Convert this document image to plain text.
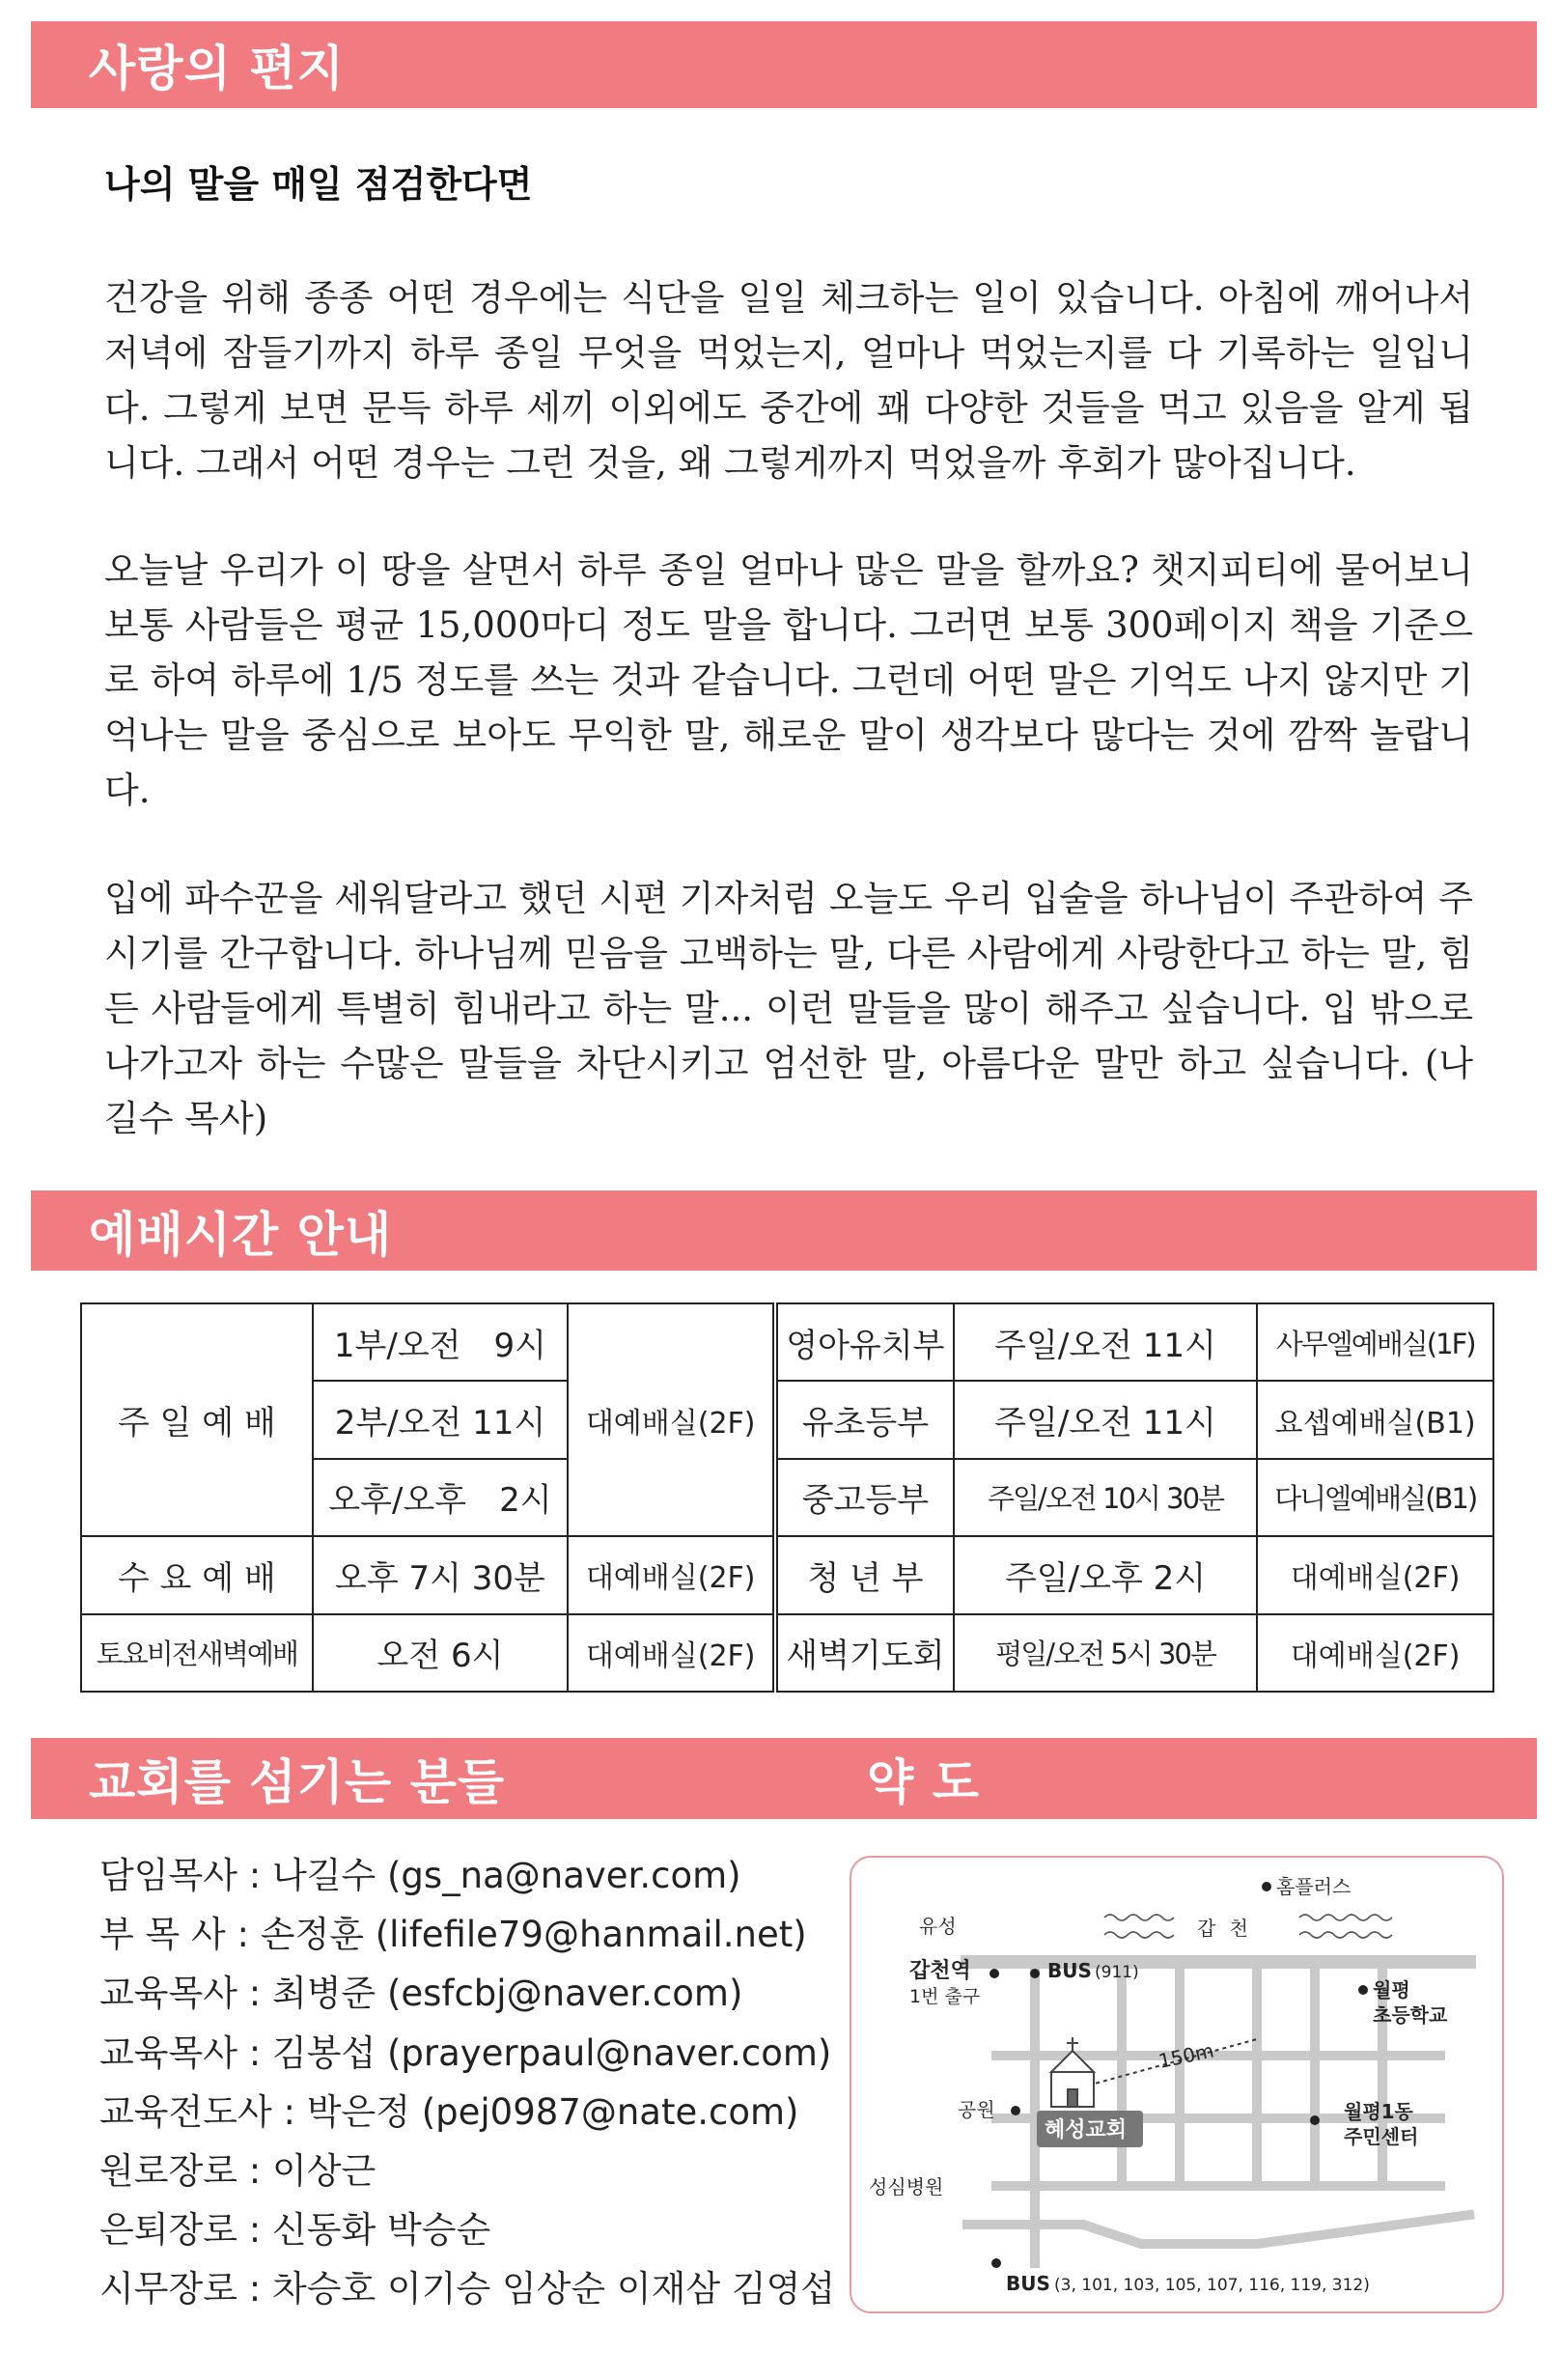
사랑의 편지
나의 말을 매일 점검한다면
건강을 위해 종종 어떤 경우에는 식단을 일일 체크하는 일이 있습니다. 아침에 깨어나서 저녁에 잠들기까지 하루 종일 무엇을 먹었는지, 얼마나 먹었는지를 다 기록하는 일입니다. 그렇게 보면 문득 하루 세끼 이외에도 중간에 꽤 다양한 것들을 먹고 있음을 알게 됩니다. 그래서 어떤 경우는 그런 것을, 왜 그렇게까지 먹었을까 후회가 많아집니다.
오늘날 우리가 이 땅을 살면서 하루 종일 얼마나 많은 말을 할까요? 챗지피티에 물어보니 보통 사람들은 평균 15,000마디 정도 말을 합니다. 그러면 보통 300페이지 책을 기준으로 하여 하루에 1/5 정도를 쓰는 것과 같습니다. 그런데 어떤 말은 기억도 나지 않지만 기억나는 말을 중심으로 보아도 무익한 말, 해로운 말이 생각보다 많다는 것에 깜짝 놀랍니다.
입에 파수꾼을 세워달라고 했던 시편 기자처럼 오늘도 우리 입술을 하나님이 주관하여 주시기를 간구합니다. 하나님께 믿음을 고백하는 말, 다른 사람에게 사랑한다고 하는 말, 힘든 사람들에게 특별히 힘내라고 하는 말... 이런 말들을 많이 해주고 싶습니다. 입 밖으로 나가고자 하는 수많은 말들을 차단시키고 엄선한 말, 아름다운 말만 하고 싶습니다. (나길수 목사)
예배시간 안내
주 일 예 배	1부/오전　9시	대예배실(2F)	영아유치부	주일/오전 11시	사무엘예배실(1F)
	2부/오전 11시		유초등부	주일/오전 11시	요셉예배실(B1)
	오후/오후　2시		중고등부	주일/오전 10시 30분	다니엘예배실(B1)
수 요 예 배	오후 7시 30분	대예배실(2F)	청 년 부	주일/오후 2시	대예배실(2F)
토요비전새벽예배	오전 6시	대예배실(2F)	새벽기도회	평일/오전 5시 30분	대예배실(2F)
교회를 섬기는 분들	약 도
담임목사 : 나길수 (gs_na@naver.com)
부 목 사 : 손정훈 (lifefile79@hanmail.net)
교육목사 : 최병준 (esfcbj@naver.com)
교육목사 : 김봉섭 (prayerpaul@naver.com)
교육전도사 : 박은정 (pej0987@nate.com)
원로장로 : 이상근
은퇴장로 : 신동화 박승순
시무장로 : 차승호 이기승 임상순 이재삼 김영섭
홈플러스
유성	갑 천
갑천역
1번 출구
BUS (911)
150m
월평
초등학교
공원
혜성교회
월평1동
주민센터
성심병원
BUS (3, 101, 103, 105, 107, 116, 119, 312)
